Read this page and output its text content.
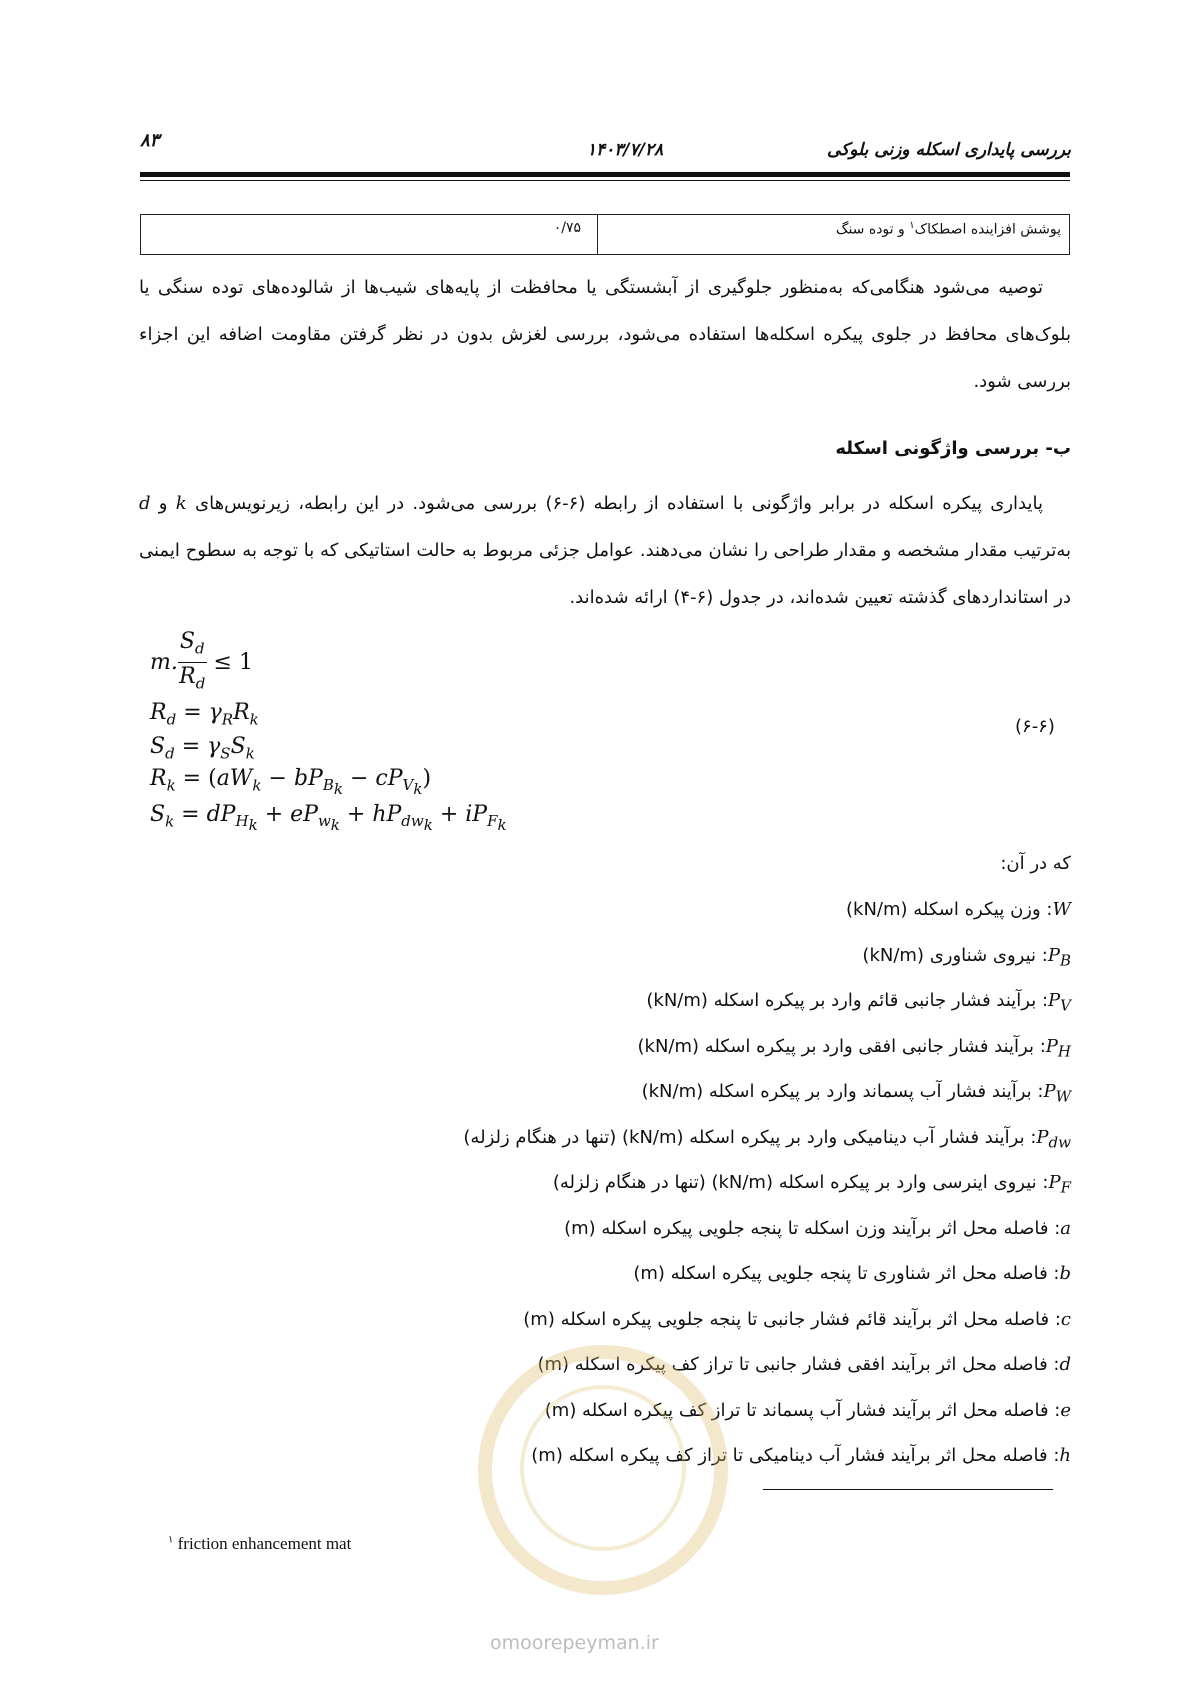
بررسی پایداری اسکله وزنی بلوکی
۱۴۰۳/۷/۲۸
۸۳
۰/۷۵	پوشش افزاینده اصطکاک$^۱$ و توده سنگ
توصیه می‌شود هنگامی‌که به‌منظور جلوگیری از آبشستگی یا محافظت از پایه‌های شیب‌ها از شالوده‌های توده سنگی یا بلوک‌های محافظ در جلوی پیکره اسکله‌ها استفاده می‌شود، بررسی لغزش بدون در نظر گرفتن مقاومت اضافه این اجزاء بررسی شود.
ب- بررسی واژگونی اسکله
پایداری پیکره اسکله در برابر واژگونی با استفاده از رابطه (۶-۶) بررسی می‌شود. در این رابطه، زیرنویس‌های k و d به‌ترتیب مقدار مشخصه و مقدار طراحی را نشان می‌دهند. عوامل جزئی مربوط به حالت استاتیکی که با توجه به سطوح ایمنی در استانداردهای گذشته تعیین شده‌اند، در جدول (۶-۴) ارائه شده‌اند.
m. $\frac{S_d}{R_d} \le 1$
$R_d = \gamma_RR_k$
$S_d = \gamma_SS_k$
$R_k = (aW_k - bP_{B_k} - cP_{V_k})$
$S_k = dP_{H_k} + eP_{w_k} + hP_{dw_k} + iP_{F_k}$
(۶-۶)
که در آن:
W: وزن پیکره اسکله (kN/m)
$P_B$: نیروی شناوری (kN/m)
$P_V$: برآیند فشار جانبی قائم وارد بر پیکره اسکله (kN/m)
$P_H$: برآیند فشار جانبی افقی وارد بر پیکره اسکله (kN/m)
$P_W$: برآیند فشار آب پسماند وارد بر پیکره اسکله (kN/m)
$P_{dw}$: برآیند فشار آب دینامیکی وارد بر پیکره اسکله (kN/m) (تنها در هنگام زلزله)
$P_F$: نیروی اینرسی وارد بر پیکره اسکله (kN/m) (تنها در هنگام زلزله)
a: فاصله محل اثر برآیند وزن اسکله تا پنجه جلویی پیکره اسکله (m)
b: فاصله محل اثر شناوری تا پنجه جلویی پیکره اسکله (m)
c: فاصله محل اثر برآیند قائم فشار جانبی تا پنجه جلویی پیکره اسکله (m)
d: فاصله محل اثر برآیند افقی فشار جانبی تا تراز کف پیکره اسکله (m)
e: فاصله محل اثر برآیند فشار آب پسماند تا تراز کف پیکره اسکله (m)
h: فاصله محل اثر برآیند فشار آب دینامیکی تا تراز کف پیکره اسکله (m)
omoorepeyman.ir
$^۱$ friction enhancement mat
